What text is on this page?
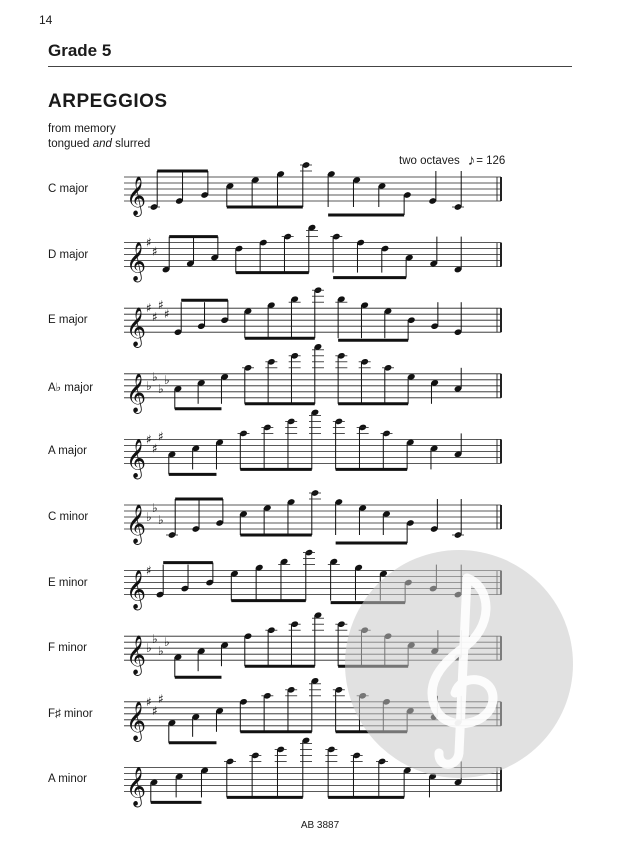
14
Grade 5
ARPEGGIOS
from memory
tongued and slurred
two octaves ♪ = 126
C major
D major
E major
A♭ major
A major
C minor
E minor
F minor
F♯ minor
A minor
𝄞
𝄞 ♯
♯
𝄞 ♯
♯
♯
♯
𝄞 ♭
♭
♭
♭
𝄞 ♯
♯
♯
𝄞 ♭
♭
♭
𝄞 ♯
𝄞 ♭
♭
♭
♭
𝄞 ♯
♯
♯
𝄞
AB 3887
